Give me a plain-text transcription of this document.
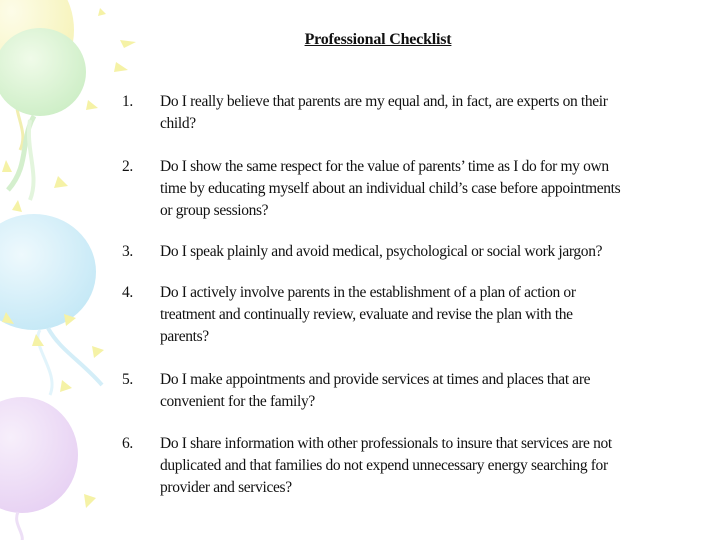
Professional Checklist
1.	Do I really believe that parents are my equal and, in fact, are experts on their child?
2.	Do I show the same respect for the value of parents’ time as I do for my own time by educating myself about an individual child’s case before appointments or group sessions?
3.	Do I speak plainly and avoid medical, psychological or social work jargon?
4.	Do I actively involve parents in the establishment of a plan of action or treatment and continually review, evaluate and revise the plan with the parents?
5.	Do I make appointments and provide services at times and places that are convenient for the family?
6.	Do I share information with other professionals to insure that services are not duplicated and that families do not expend unnecessary energy searching for provider and services?
